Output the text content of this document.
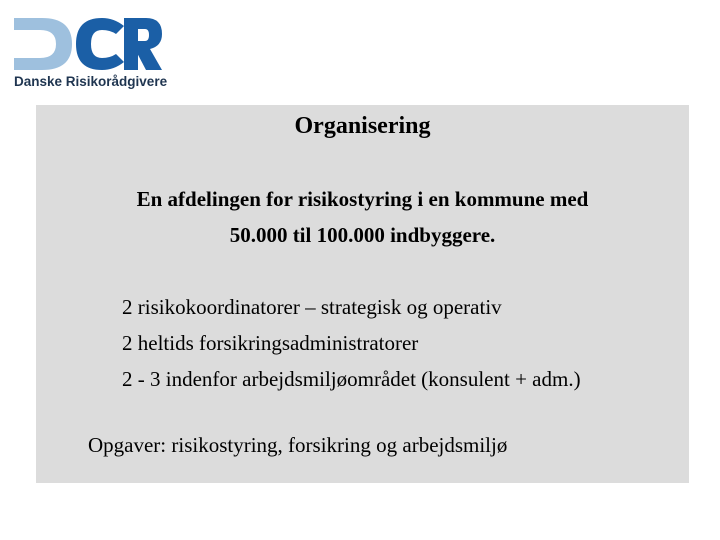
Danske Risikorådgivere
Organisering
En afdelingen for risikostyring i en kommune med
50.000 til 100.000 indbyggere.
2 risikokoordinatorer – strategisk og operativ
2 heltids forsikringsadministratorer
2 - 3 indenfor arbejdsmiljøområdet (konsulent + adm.)
Opgaver: risikostyring, forsikring og arbejdsmiljø
